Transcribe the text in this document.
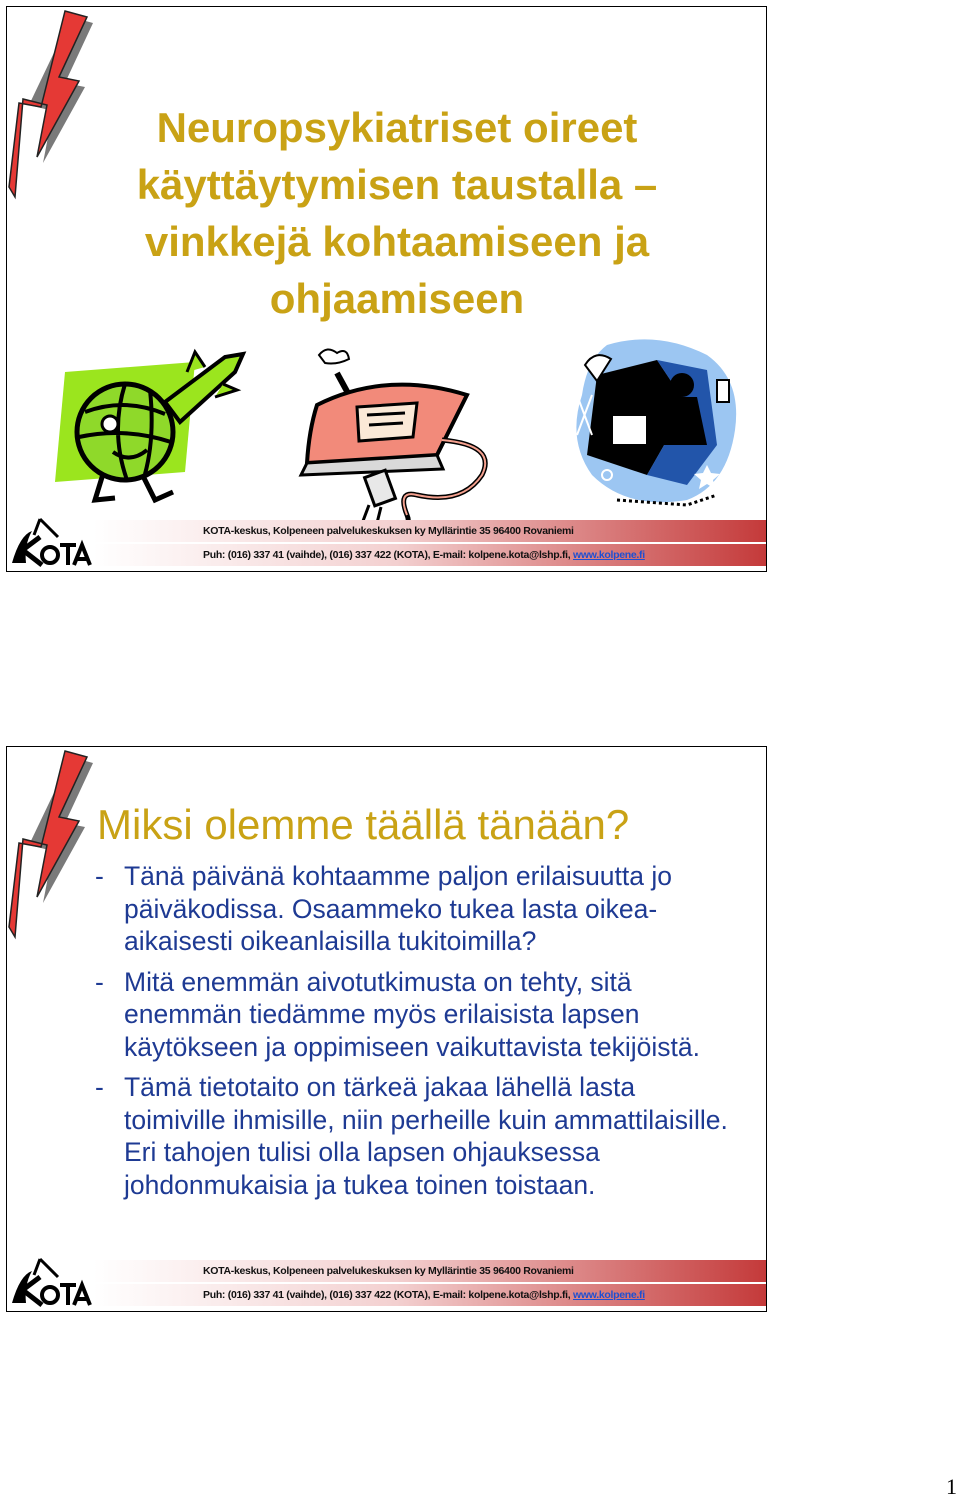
Neuropsykiatriset oireet
käyttäytymisen taustalla –
vinkkejä kohtaamiseen ja
ohjaamiseen
KOTA-keskus, Kolpeneen palvelukeskuksen ky Myllärintie 35 96400 Rovaniemi
Puh: (016) 337 41 (vaihde), (016) 337 422 (KOTA), E-mail: kolpene.kota@lshp.fi, www.kolpene.fi
Miksi olemme täällä tänään?
- Tänä päivänä kohtaamme paljon erilaisuutta jo päiväkodissa. Osaammeko tukea lasta oikea-aikaisesti oikeanlaisilla tukitoimilla?
- Mitä enemmän aivotutkimusta on tehty, sitä enemmän tiedämme myös erilaisista lapsen käytökseen ja oppimiseen vaikuttavista tekijöistä.
- Tämä tietotaito on tärkeä jakaa lähellä lasta toimiville ihmisille, niin perheille kuin ammattilaisille. Eri tahojen tulisi olla lapsen ohjauksessa johdonmukaisia ja tukea toinen toistaan.
KOTA-keskus, Kolpeneen palvelukeskuksen ky Myllärintie 35 96400 Rovaniemi
Puh: (016) 337 41 (vaihde), (016) 337 422 (KOTA), E-mail: kolpene.kota@lshp.fi, www.kolpene.fi
1
